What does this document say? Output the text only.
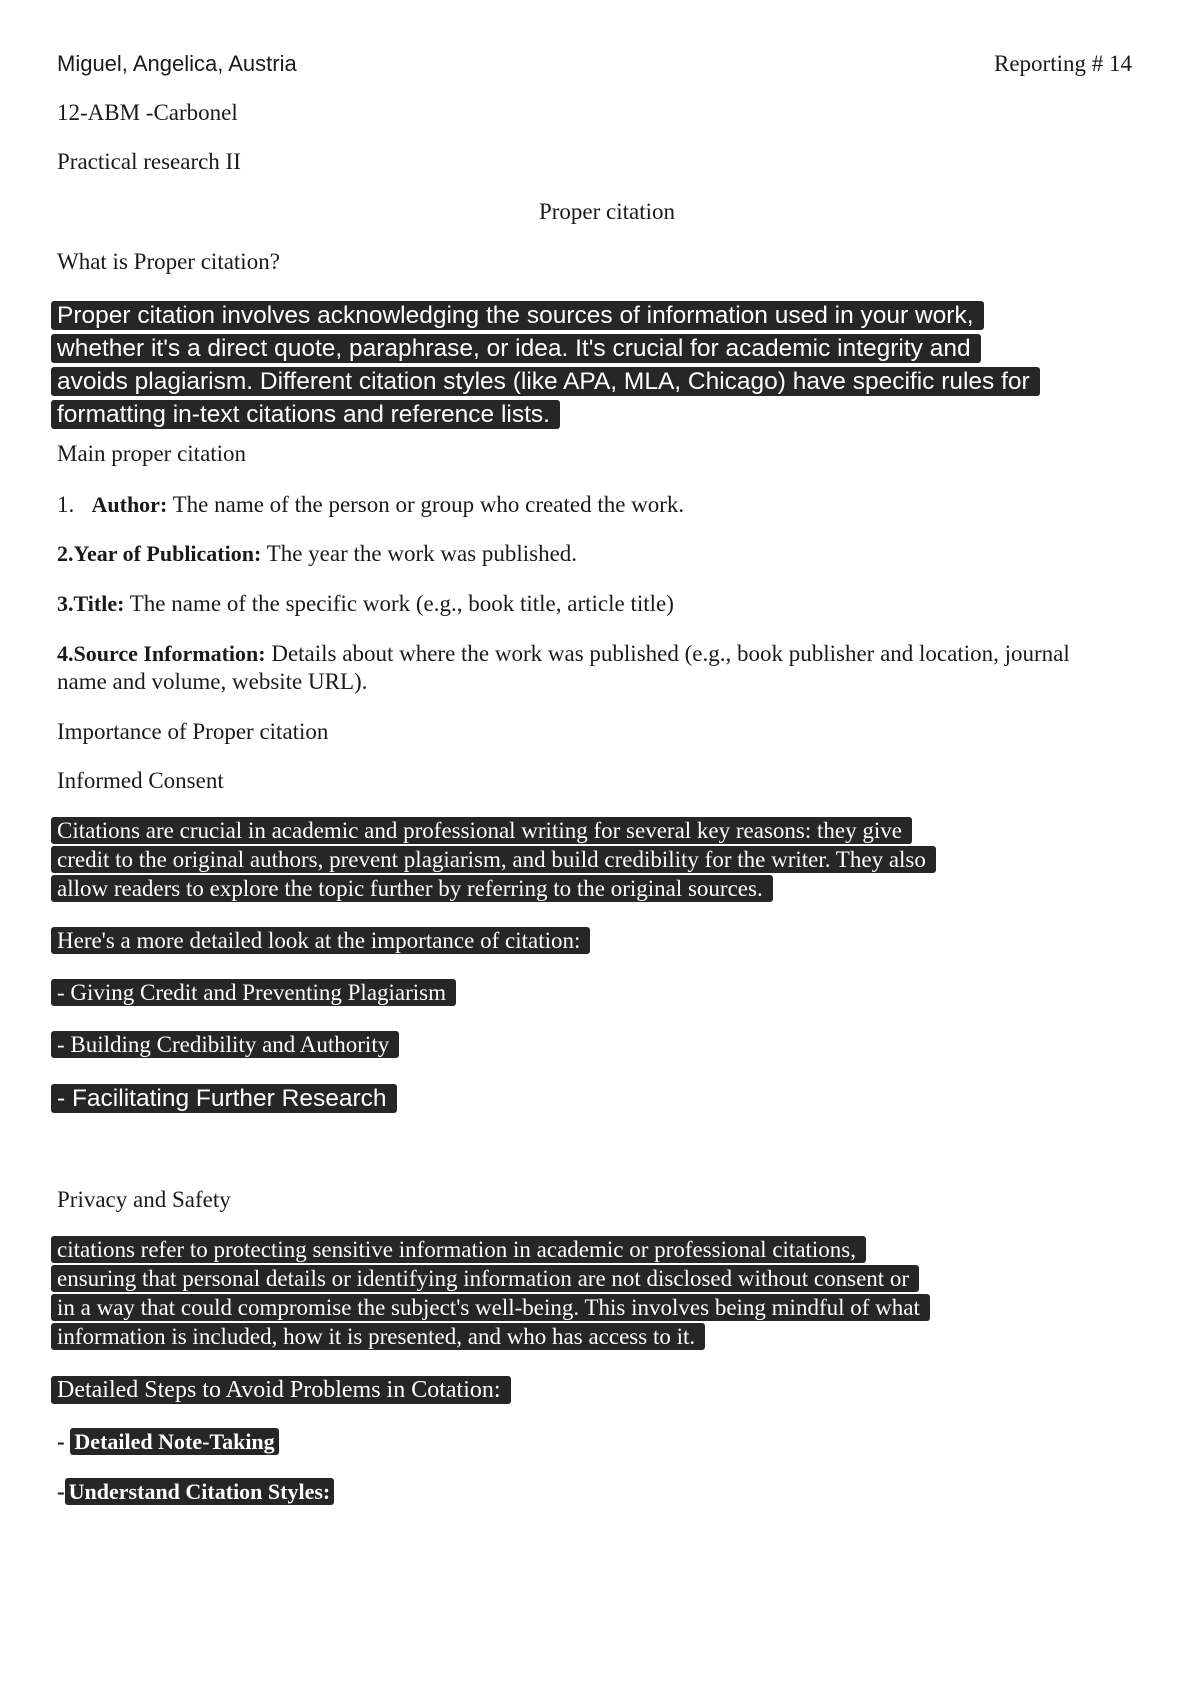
Miguel, Angelica, Austria	Reporting # 14
12-ABM -Carbonel
Practical research II
Proper citation
What is Proper citation?
Proper citation involves acknowledging the sources of information used in your work,
whether it's a direct quote, paraphrase, or idea. It's crucial for academic integrity and
avoids plagiarism. Different citation styles (like APA, MLA, Chicago) have specific rules for
formatting in-text citations and reference lists.
Main proper citation
1. Author: The name of the person or group who created the work.
2.Year of Publication: The year the work was published.
3.Title: The name of the specific work (e.g., book title, article title)
4.Source Information: Details about where the work was published (e.g., book publisher and location, journal name and volume, website URL).
Importance of Proper citation
Informed Consent
Citations are crucial in academic and professional writing for several key reasons: they give
credit to the original authors, prevent plagiarism, and build credibility for the writer. They also
allow readers to explore the topic further by referring to the original sources.
Here's a more detailed look at the importance of citation:
- Giving Credit and Preventing Plagiarism
- Building Credibility and Authority
- Facilitating Further Research
Privacy and Safety
citations refer to protecting sensitive information in academic or professional citations,
ensuring that personal details or identifying information are not disclosed without consent or
in a way that could compromise the subject's well-being. This involves being mindful of what
information is included, how it is presented, and who has access to it.
Detailed Steps to Avoid Problems in Cotation:
- Detailed Note-Taking
- Understand Citation Styles:
